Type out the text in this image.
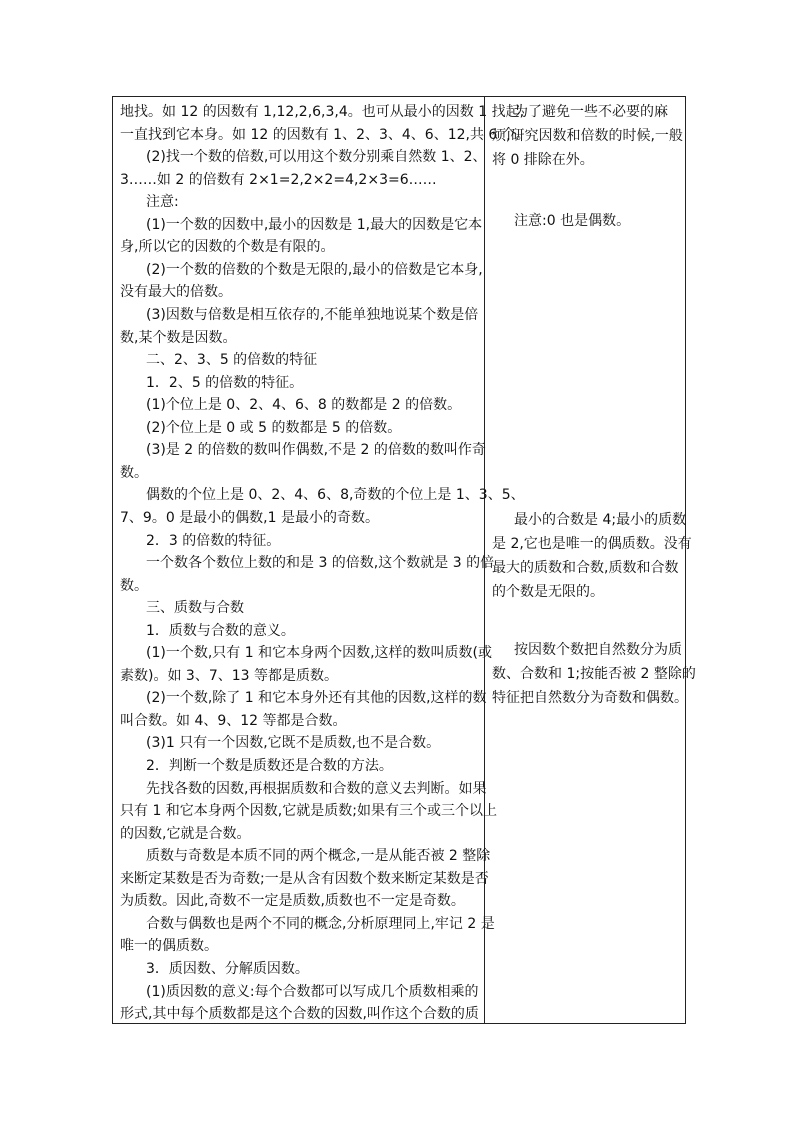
地找。如 12 的因数有 1,12,2,6,3,4。也可从最小的因数 1 找起,
一直找到它本身。如 12 的因数有 1、2、3、4、6、12,共 6 个。
(2)找一个数的倍数,可以用这个数分别乘自然数 1、2、
3……如 2 的倍数有 2×1=2,2×2=4,2×3=6……
注意:
(1)一个数的因数中,最小的因数是 1,最大的因数是它本
身,所以它的因数的个数是有限的。
(2)一个数的倍数的个数是无限的,最小的倍数是它本身,
没有最大的倍数。
(3)因数与倍数是相互依存的,不能单独地说某个数是倍
数,某个数是因数。
二、2、3、5 的倍数的特征
1．2、5 的倍数的特征。
(1)个位上是 0、2、4、6、8 的数都是 2 的倍数。
(2)个位上是 0 或 5 的数都是 5 的倍数。
(3)是 2 的倍数的数叫作偶数,不是 2 的倍数的数叫作奇
数。
偶数的个位上是 0、2、4、6、8,奇数的个位上是 1、3、5、
7、9。0 是最小的偶数,1 是最小的奇数。
2．3 的倍数的特征。
一个数各个数位上数的和是 3 的倍数,这个数就是 3 的倍
数。
三、质数与合数
1．质数与合数的意义。
(1)一个数,只有 1 和它本身两个因数,这样的数叫质数(或
素数)。如 3、7、13 等都是质数。
(2)一个数,除了 1 和它本身外还有其他的因数,这样的数
叫合数。如 4、9、12 等都是合数。
(3)1 只有一个因数,它既不是质数,也不是合数。
2．判断一个数是质数还是合数的方法。
先找各数的因数,再根据质数和合数的意义去判断。如果
只有 1 和它本身两个因数,它就是质数;如果有三个或三个以上
的因数,它就是合数。
质数与奇数是本质不同的两个概念,一是从能否被 2 整除
来断定某数是否为奇数;一是从含有因数个数来断定某数是否
为质数。因此,奇数不一定是质数,质数也不一定是奇数。
合数与偶数也是两个不同的概念,分析原理同上,牢记 2 是
唯一的偶质数。
3．质因数、分解质因数。
(1)质因数的意义:每个合数都可以写成几个质数相乘的
形式,其中每个质数都是这个合数的因数,叫作这个合数的质
为了避免一些不必要的麻
烦,研究因数和倍数的时候,一般
将 0 排除在外。
注意:0 也是偶数。
最小的合数是 4;最小的质数
是 2,它也是唯一的偶质数。没有
最大的质数和合数,质数和合数
的个数是无限的。
按因数个数把自然数分为质
数、合数和 1;按能否被 2 整除的
特征把自然数分为奇数和偶数。
